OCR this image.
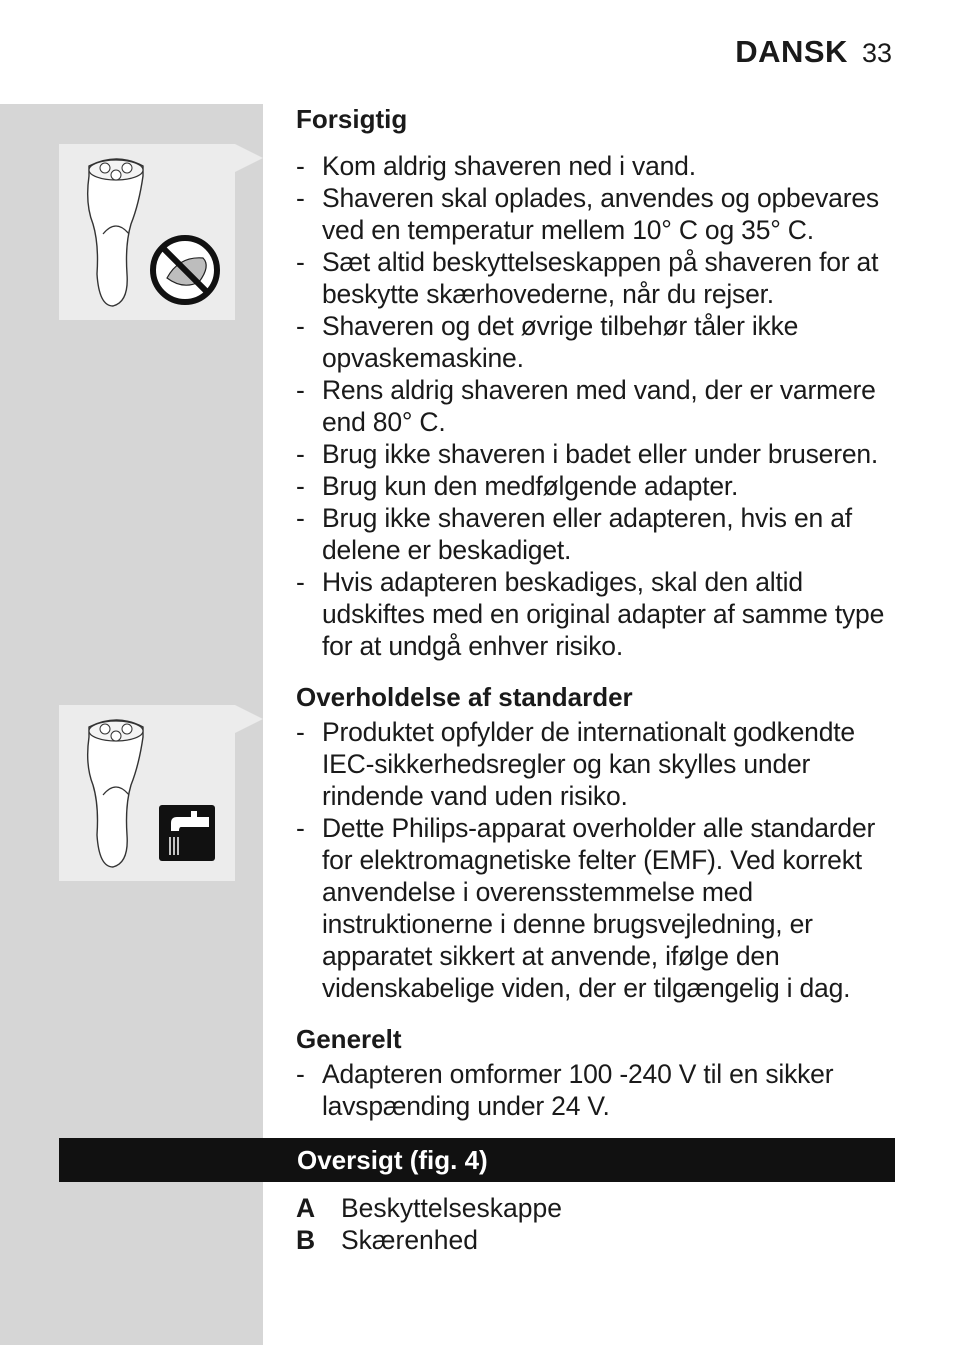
DANSK 33
Forsigtig
- Kom aldrig shaveren ned i vand.
- Shaveren skal oplades, anvendes og opbevares ved en temperatur mellem 10° C og 35° C.
- Sæt altid beskyttelseskappen på shaveren for at beskytte skærhovederne, når du rejser.
- Shaveren og det øvrige tilbehør tåler ikke opvaskemaskine.
- Rens aldrig shaveren med vand, der er varmere end 80° C.
- Brug ikke shaveren i badet eller under bruseren.
- Brug kun den medfølgende adapter.
- Brug ikke shaveren eller adapteren, hvis en af delene er beskadiget.
- Hvis adapteren beskadiges, skal den altid udskiftes med en original adapter af samme type for at undgå enhver risiko.
Overholdelse af standarder
- Produktet opfylder de internationalt godkendte IEC-sikkerhedsregler og kan skylles under rindende vand uden risiko.
- Dette Philips-apparat overholder alle standarder for elektromagnetiske felter (EMF). Ved korrekt anvendelse i overensstemmelse med instruktionerne i denne brugsvejledning, er apparatet sikkert at anvende, ifølge den videnskabelige viden, der er tilgængelig i dag.
Generelt
- Adapteren omformer 100 -240 V til en sikker lavspænding under 24 V.
Oversigt (fig. 4)
A Beskyttelseskappe
B Skærenhed
